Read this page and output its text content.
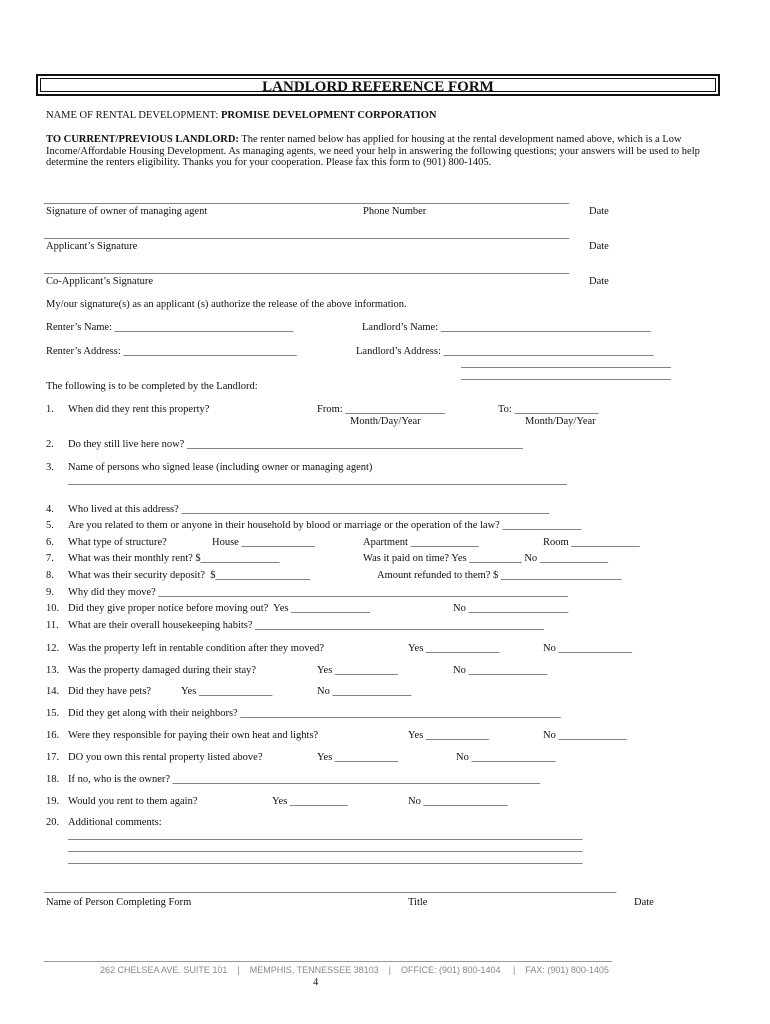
LANDLORD REFERENCE FORM
NAME OF RENTAL DEVELOPMENT: PROMISE DEVELOPMENT CORPORATION
TO CURRENT/PREVIOUS LANDLORD: The renter named below has applied for housing at the rental development named above, which is a Low Income/Affordable Housing Development. As managing agents, we need your help in answering the following questions; your answers will be used to help determine the renters eligibility. Thanks you for your cooperation. Please fax this form to (901) 800-1405.
____________________________________________________________________________________________________
Signature of owner of managing agent	Phone Number	Date
____________________________________________________________________________________________________
Applicant’s Signature	Date
____________________________________________________________________________________________________
Co-Applicant’s Signature	Date
My/our signature(s) as an applicant (s) authorize the release of the above information.
Renter’s Name: __________________________________	Landlord’s Name: ________________________________________
Renter’s Address: _________________________________	Landlord’s Address: ________________________________________
________________________________________
________________________________________
The following is to be completed by the Landlord:
1. When did they rent this property?	From: ___________________	To: ________________
Month/Day/Year	Month/Day/Year
2. Do they still live here now? ________________________________________________________________
3. Name of persons who signed lease (including owner or managing agent)
_______________________________________________________________________________________________
4. Who lived at this address? ______________________________________________________________________
5. Are you related to them or anyone in their household by blood or marriage or the operation of the law? _______________
6. What type of structure?	House ______________	Apartment _____________	Room _____________
7. What was their monthly rent? $_______________	Was it paid on time? Yes __________ No _____________
8. What was their security deposit?  $__________________	Amount refunded to them? $ _______________________
9. Why did they move? ______________________________________________________________________________
10. Did they give proper notice before moving out?  Yes _______________	No ___________________
11. What are their overall housekeeping habits? _______________________________________________________
12. Was the property left in rentable condition after they moved?	Yes ______________	No ______________
13. Was the property damaged during their stay?	Yes ____________	No _______________
14. Did they have pets?	Yes ______________	No _______________
15. Did they get along with their neighbors? _____________________________________________________________
16. Were they responsible for paying their own heat and lights?	Yes ____________	No _____________
17. DO you own this rental property listed above?	Yes ____________	No ________________
18. If no, who is the owner? ______________________________________________________________________
19. Would you rent to them again?	Yes ___________	No ________________
20. Additional comments:
__________________________________________________________________________________________________
__________________________________________________________________________________________________
__________________________________________________________________________________________________
_____________________________________________________________________________________________________________
Name of Person Completing Form	Title	Date
262 CHELSEA AVE. SUITE 101    |    MEMPHIS, TENNESSEE 38103    |    OFFICE: (901) 800-1404     |    FAX: (901) 800-1405
4
